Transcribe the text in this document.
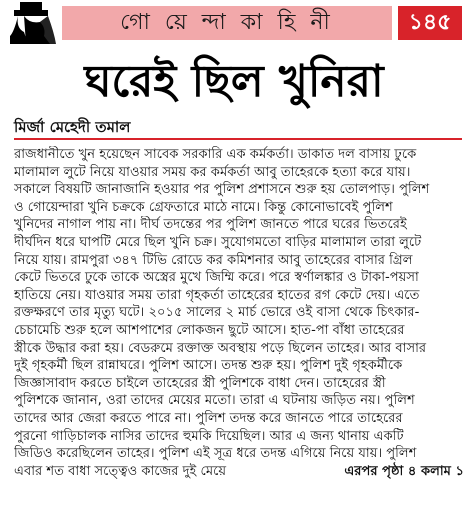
গো য়ে ন্দা কা হি নী	১৪৫
ঘরেই ছিল খুনিরা
মির্জা মেহেদী তমাল
রাজধানীতে খুন হয়েছেন সাবেক সরকারি এক কর্মকর্তা। ডাকাত দল বাসায় ঢুকে
মালামাল লুটে নিয়ে যাওয়ার সময় কর কর্মকর্তা আবু তাহেরকে হত্যা করে যায়।
সকালে বিষয়টি জানাজানি হওয়ার পর পুলিশ প্রশাসনে শুরু হয় তোলপাড়। পুলিশ
ও গোয়েন্দারা খুনি চক্রকে গ্রেফতারে মাঠে নামে। কিন্তু কোনোভাবেই পুলিশ
খুনিদের নাগাল পায় না। দীর্ঘ তদন্তের পর পুলিশ জানতে পারে ঘরের ভিতরেই
দীর্ঘদিন ধরে ঘাপটি মেরে ছিল খুনি চক্র। সুযোগমতো বাড়ির মালামাল তারা লুটে
নিয়ে যায়। রামপুরা ৩৪৭ টিভি রোডে কর কমিশনার আবু তাহেরের বাসার গ্রিল
কেটে ভিতরে ঢুকে তাকে অস্ত্রের মুখে জিম্মি করে। পরে স্বর্ণালঙ্কার ও টাকা-পয়সা
হাতিয়ে নেয়। যাওয়ার সময় তারা গৃহকর্তা তাহেরের হাতের রগ কেটে দেয়। এতে
রক্তক্ষরণে তার মৃত্যু ঘটে। ২০১৫ সালের ২ মার্চ ভোরে ওই বাসা থেকে চিৎকার-
চেচামেচি শুরু হলে আশপাশের লোকজন ছুটে আসে। হাত-পা বাঁধা তাহেরের
স্ত্রীকে উদ্ধার করা হয়। বেডরুমে রক্তাক্ত অবস্থায় পড়ে ছিলেন তাহের। আর বাসার
দুই গৃহকর্মী ছিল রান্নাঘরে। পুলিশ আসে। তদন্ত শুরু হয়। পুলিশ দুই গৃহকর্মীকে
জিজ্ঞাসাবাদ করতে চাইলে তাহেরের স্ত্রী পুলিশকে বাধা দেন। তাহেরের স্ত্রী
পুলিশকে জানান, ওরা তাদের মেয়ের মতো। তারা এ ঘটনায় জড়িত নয়। পুলিশ
তাদের আর জেরা করতে পারে না। পুলিশ তদন্ত করে জানতে পারে তাহেরের
পুরনো গাড়িচালক নাসির তাদের হুমকি দিয়েছিল। আর এ জন্য থানায় একটি
জিডিও করেছিলেন তাহের। পুলিশ এই সূত্র ধরে তদন্ত এগিয়ে নিয়ে যায়। পুলিশ
এবার শত বাধা সত্ত্বেও কাজের দুই মেয়ে	এরপর পৃষ্ঠা ৪ কলাম ১
